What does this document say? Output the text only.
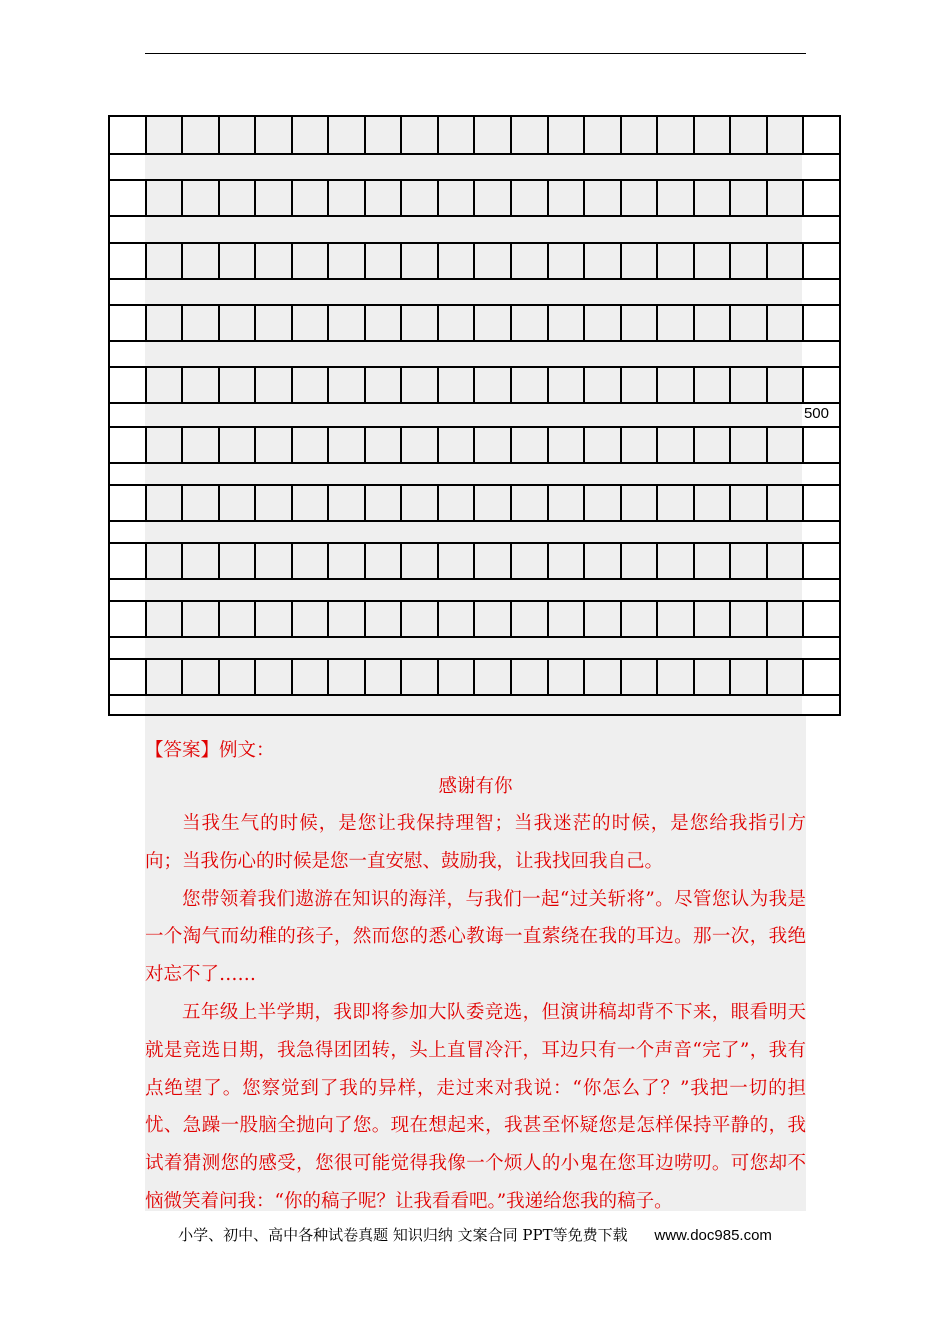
500
【答案】例文：
感谢有你

当我生气的时候，是您让我保持理智；当我迷茫的时候，是您给我指引方向；当我伤心的时候是您一直安慰、鼓励我，让我找回我自己。

您带领着我们遨游在知识的海洋，与我们一起“过关斩将”。尽管您认为我是一个淘气而幼稚的孩子，然而您的悉心教诲一直萦绕在我的耳边。那一次，我绝对忘不了……

五年级上半学期，我即将参加大队委竞选，但演讲稿却背不下来，眼看明天就是竞选日期，我急得团团转，头上直冒冷汗，耳边只有一个声音“完了”，我有点绝望了。您察觉到了我的异样，走过来对我说：“你怎么了？”我把一切的担忧、急躁一股脑全抛向了您。现在想起来，我甚至怀疑您是怎样保持平静的，我试着猜测您的感受，您很可能觉得我像一个烦人的小鬼在您耳边唠叨。可您却不恼微笑着问我：“你的稿子呢？让我看看吧。”我递给您我的稿子。

小学、初中、高中各种试卷真题 知识归纳 文案合同 PPT等免费下载 www.doc985.com
